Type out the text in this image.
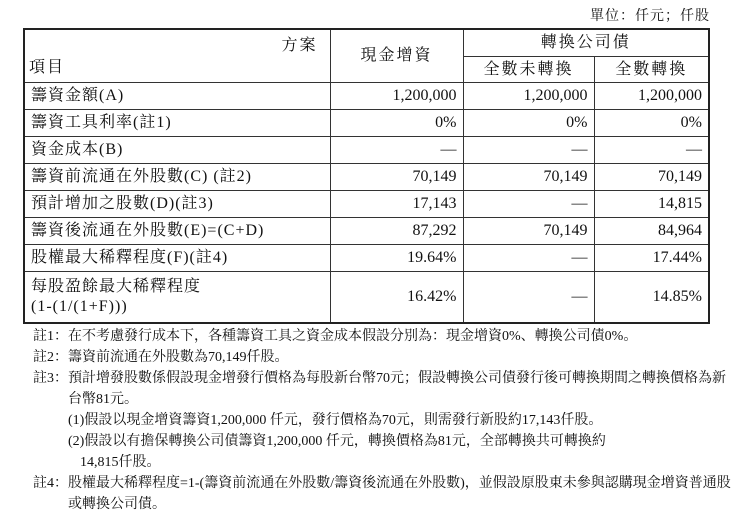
單位：仟元；仟股
方案
項目	現金增資	轉換公司債	
		全數未轉換	全數轉換
籌資金額(A)	1,200,000	1,200,000	1,200,000
籌資工具利率(註1)	0%	0%	0%
資金成本(B)	—	—	—
籌資前流通在外股數(C) (註2)	70,149	70,149	70,149
預計增加之股數(D)(註3)	17,143	—	14,815
籌資後流通在外股數(E)=(C+D)	87,292	70,149	84,964
股權最大稀釋程度(F)(註4)	19.64%	—	17.44%
每股盈餘最大稀釋程度
(1-(1/(1+F)))	16.42%	—	14.85%
註1： 在不考慮發行成本下，各種籌資工具之資金成本假設分別為：現金增資0%、轉換公司債0%。
註2： 籌資前流通在外股數為70,149仟股。
註3： 預計增發股數係假設現金增發行價格為每股新台幣70元；假設轉換公司債發行後可轉換期間之轉換價格為新台幣81元。
(1)假設以現金增資籌資1,200,000 仟元，發行價格為70元，則需發行新股約17,143仟股。
(2)假設以有擔保轉換公司債籌資1,200,000 仟元，轉換價格為81元，全部轉換共可轉換約
14,815仟股。
註4： 股權最大稀釋程度=1-(籌資前流通在外股數/籌資後流通在外股數)，並假設原股東未參與認購現金增資普通股或轉換公司債。
